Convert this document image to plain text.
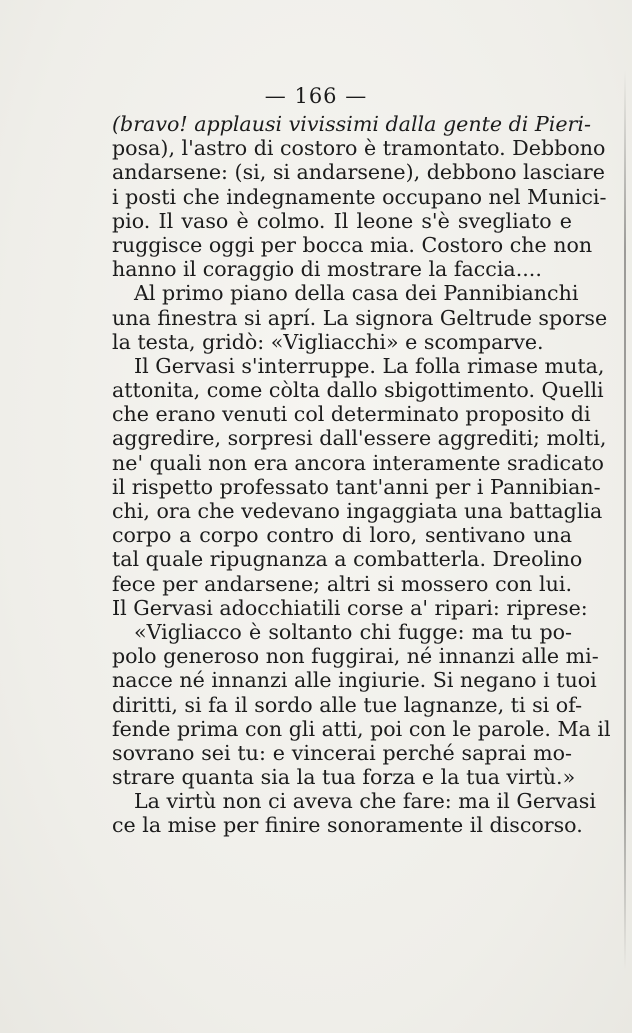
— 166 —
(bravo! applausi vivissimi dalla gente di Pieri-
posa), l'astro di costoro è tramontato. Debbono
andarsene: (si, si andarsene), debbono lasciare
i posti che indegnamente occupano nel Munici-
pio. Il vaso è colmo. Il leone s'è svegliato e
ruggisce oggi per bocca mia. Costoro che non
hanno il coraggio di mostrare la faccia....
Al primo piano della casa dei Pannibianchi
una finestra si aprí. La signora Geltrude sporse
la testa, gridò: «Vigliacchi» e scomparve.
Il Gervasi s'interruppe. La folla rimase muta,
attonita, come còlta dallo sbigottimento. Quelli
che erano venuti col determinato proposito di
aggredire, sorpresi dall'essere aggrediti; molti,
ne' quali non era ancora interamente sradicato
il rispetto professato tant'anni per i Pannibian-
chi, ora che vedevano ingaggiata una battaglia
corpo a corpo contro di loro, sentivano una
tal quale ripugnanza a combatterla. Dreolino
fece per andarsene; altri si mossero con lui.
Il Gervasi adocchiatili corse a' ripari: riprese:
«Vigliacco è soltanto chi fugge: ma tu po-
polo generoso non fuggirai, né innanzi alle mi-
nacce né innanzi alle ingiurie. Si negano i tuoi
diritti, si fa il sordo alle tue lagnanze, ti si of-
fende prima con gli atti, poi con le parole. Ma il
sovrano sei tu: e vincerai perché saprai mo-
strare quanta sia la tua forza e la tua virtù.»
La virtù non ci aveva che fare: ma il Gervasi
ce la mise per finire sonoramente il discorso.
